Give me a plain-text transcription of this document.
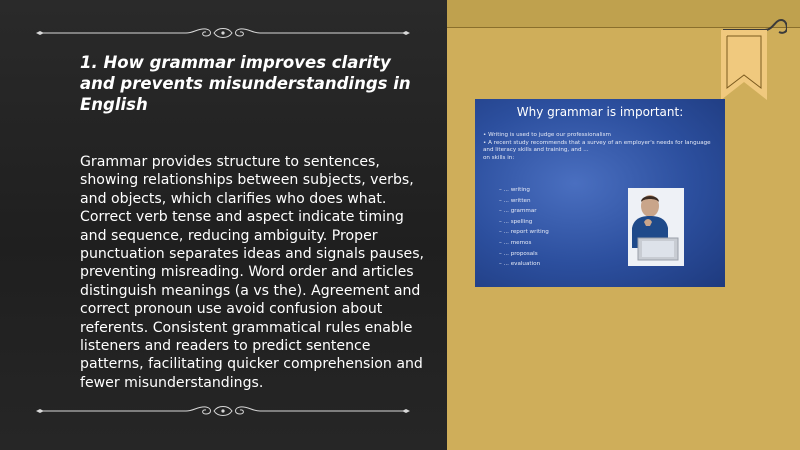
1. How grammar improves clarity and prevents misunderstandings in English

Grammar provides structure to sentences, showing relationships between subjects, verbs, and objects, which clarifies who does what. Correct verb tense and aspect indicate timing and sequence, reducing ambiguity. Proper punctuation separates ideas and signals pauses, preventing misreading. Word order and articles distinguish meanings (a vs the). Agreement and correct pronoun use avoid confusion about referents. Consistent grammatical rules enable listeners and readers to predict sentence patterns, facilitating quicker comprehension and fewer misunderstandings.

Why grammar is important:
• Writing is used to judge our professionalism
• A recent study recommends that a survey of an employer's needs for language and literacy skills and training, and ...
on skills in:
– ... writing
– ... written
– ... grammar
– ... spelling
– ... report writing
– ... memos
– ... proposals
– ... evaluation
